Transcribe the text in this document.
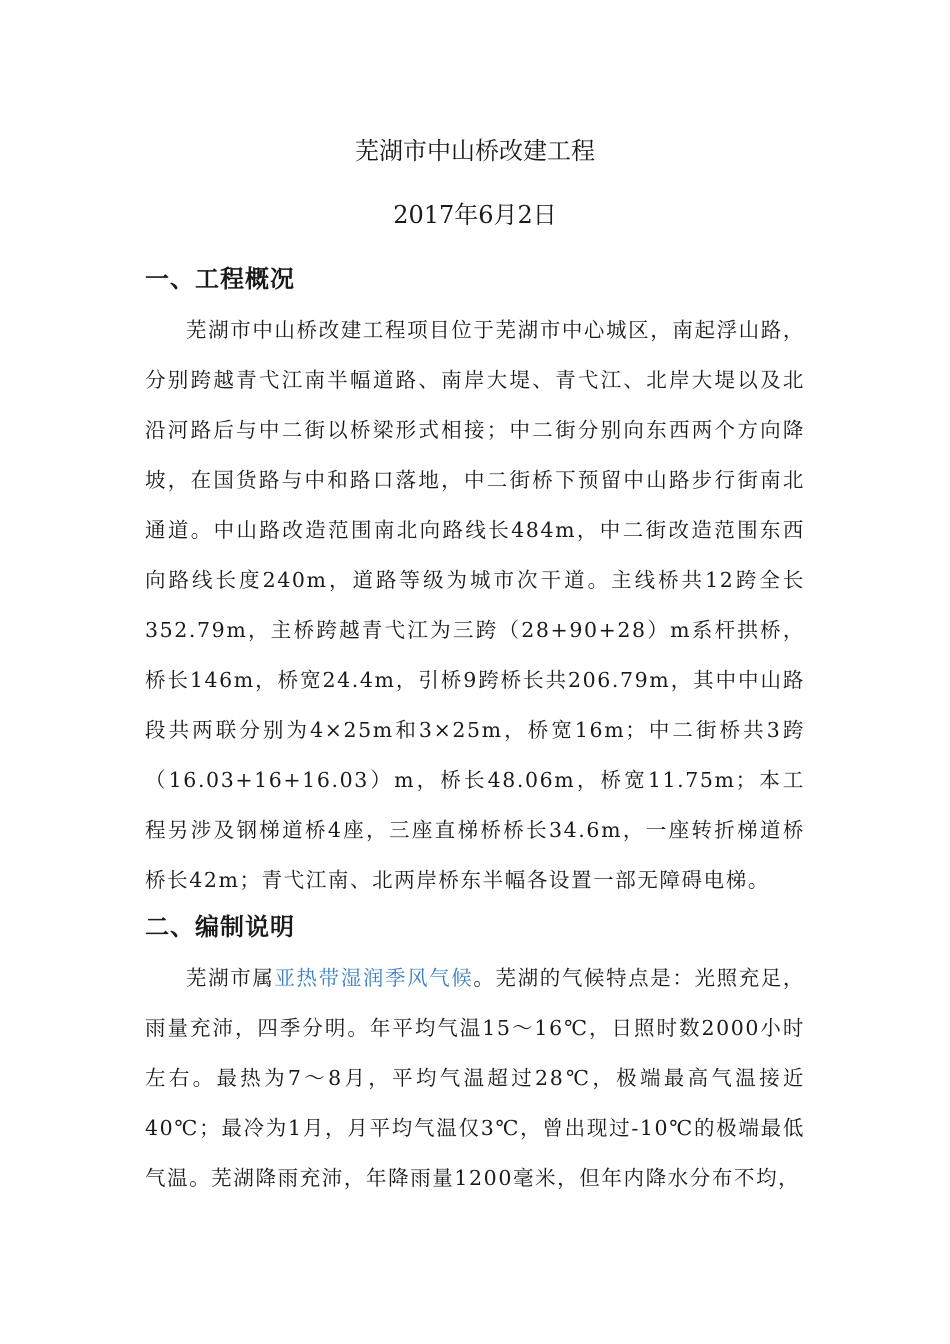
芜湖市中山桥改建工程
2017年6月2日
一、工程概况

芜湖市中山桥改建工程项目位于芜湖市中心城区，南起浮山路，分别跨越青弋江南半幅道路、南岸大堤、青弋江、北岸大堤以及北沿河路后与中二街以桥梁形式相接；中二街分别向东西两个方向降坡，在国货路与中和路口落地，中二街桥下预留中山路步行街南北通道。中山路改造范围南北向路线长484m，中二街改造范围东西向路线长度240m，道路等级为城市次干道。主线桥共12跨全长352.79m，主桥跨越青弋江为三跨（28+90+28）m系杆拱桥，桥长146m，桥宽24.4m，引桥9跨桥长共206.79m，其中中山路段共两联分别为4×25m和3×25m，桥宽16m；中二街桥共3跨（16.03+16+16.03）m，桥长48.06m，桥宽11.75m；本工程另涉及钢梯道桥4座，三座直梯桥桥长34.6m，一座转折梯道桥桥长42m；青弋江南、北两岸桥东半幅各设置一部无障碍电梯。

二、编制说明

芜湖市属亚热带湿润季风气候。芜湖的气候特点是：光照充足，雨量充沛，四季分明。年平均气温15～16℃，日照时数2000小时左右。最热为7～8月，平均气温超过28℃，极端最高气温接近40℃；最冷为1月，月平均气温仅3℃，曾出现过-10℃的极端最低气温。芜湖降雨充沛，年降雨量1200毫米，但年内降水分布不均，
